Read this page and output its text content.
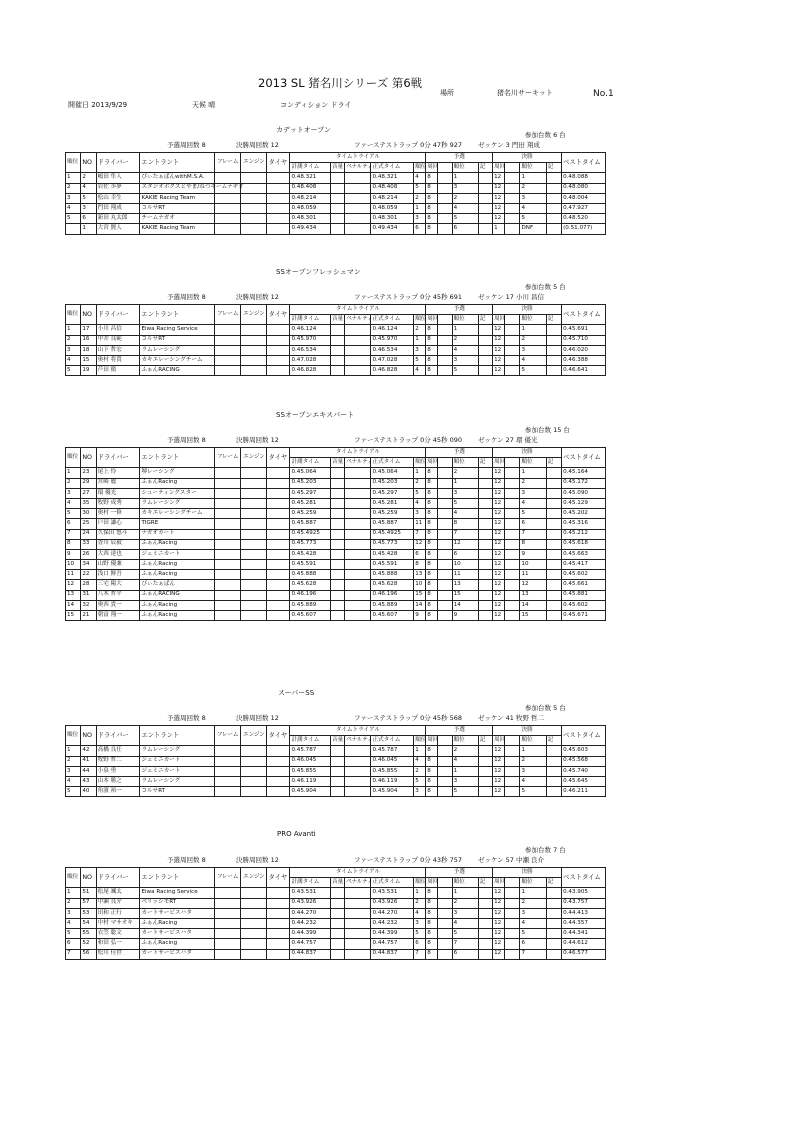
2013 SL 猪名川シリーズ 第6戦
場所	猪名川サーキット	No.1
開催日 2013/9/29	天候 晴	コンディション ドライ
カデットオープン
参加台数 6 台
予選周回数 8	決勝周回数 12	ファーステストラップ 0分 47秒 927 ゼッケン 3 門田 翔成
順位	NO	ドライバー	エントラント	フレーム	エンジン	タイヤ	タイムトライアル					予選				決勝				ベストタイム
							計測タイム	音量	ペナルティ	正式タイム	順位	周回		順位	記	周回		順位	記	
1	2	嶋田 隼人	ぴぃたぁぱんwithM.S.A.				0.48.321			0.48.321	4	8		1		12		1		0.48.088
2	4	岩佐 歩夢	スタジオボクスとやま/ねつキームナギオ				0.48.408			0.48.408	5	8		3		12		2		0.48.080
3	5	松山 幸生	KAKIE Racing Team				0.48.214			0.48.214	2	8		2		12		3		0.48.004
4	3	門田 翔成	コルサRT				0.48.059			0.48.059	1	8		4		12		4		0.47.927
5	6	新田 丸太郎	チームナガオ				0.48.301			0.48.301	3	8		5		12		5		0.48.520
	1	大宮 賢人	KAKIE Racing Team				0.49.434			0.49.434	6	8		6		1		DNF		(0.51.077)
SSオープンフレッシュマン
参加台数 5 台
予選周回数 8	決勝周回数 12	ファーステストラップ 0分 45秒 691 ゼッケン 17 小川 昌信
順位	NO	ドライバー	エントラント	フレーム	エンジン	タイヤ	タイムトライアル					予選				決勝				ベストタイム
							計測タイム	音量	ペナルティ	正式タイム	順位	周回		順位	記	周回		順位	記	
1	17	小川 昌信	Eiwa Racing Service				0.46.124			0.46.124	2	8		1		12		1		0.45.691
2	16	中井 良範	コルサRT				0.45.970			0.45.970	1	8		2		12		2		0.45.710
3	18	山下 哲宏	ラムレーシング				0.46.534			0.46.534	3	8		4		12		3		0.46.020
4	15	奥村 将貴	カキエレーシングチーム				0.47.028			0.47.028	5	8		3		12		4		0.46.388
5	19	芦田 衛	ふぁんRACING				0.46.828			0.46.828	4	8		5		12		5		0.46.641
SSオープンエキスパート
参加台数 15 台
予選周回数 8	決勝周回数 12	ファーステストラップ 0分 45秒 090 ゼッケン 27 環 優光
順位	NO	ドライバー	エントラント	フレーム	エンジン	タイヤ	タイムトライアル					予選				決勝				ベストタイム
							計測タイム	音量	ペナルティ	正式タイム	順位	周回		順位	記	周回		順位	記	
1	23	尾上 怜	堺レーシング				0.45.064			0.45.064	1	8		2		12		1		0.45.164
2	29	宮崎 麗	ふぁんRacing				0.45.203			0.45.203	2	8		1		12		2		0.45.172
3	27	環 優光	シューティングスター				0.45.297			0.45.297	5	8		3		12		3		0.45.090
4	35	牧野 成秀	ラムレーシング				0.45.281			0.45.281	4	8		5		12		4		0.45.129
5	30	奥村 一修	カキエレーシングチーム				0.45.259			0.45.259	3	8		4		12		5		0.45.202
6	25	戸田 謙心	TIGRE				0.45.887			0.45.887	11	8		8		12		6		0.45.316
7	24	久保田 悠斗	ナガオカート				0.45.4925			0.45.4925	7	8		7		12		7		0.45.212
8	33	香川 辰毅	ふぁんRacing				0.45.773			0.45.773	12	8		12		12		8		0.45.618
9	26	大西 達也	ジェミニカート				0.45.428			0.45.428	6	8		6		12		9		0.45.663
10	34	山野 優兼	ふぁんRacing				0.45.591			0.45.591	8	8		10		12		10		0.45.417
11	22	浅口 鮮吾	ふぁんRacing				0.45.888			0.45.888	13	8		11		12		11		0.45.602
12	28	三宅 陽大	ぴぃたぁぱん				0.45.628			0.45.628	10	8		13		12		12		0.45.661
13	31	八木 哲平	ふぁんRACING				0.46.196			0.46.196	15	8		15		12		13		0.45.881
14	32	奥西 貴一	ふぁんRacing				0.45.889			0.45.889	14	8		14		12		14		0.45.602
15	21	朝富 翔一	ふぁんRacing				0.45.607			0.45.607	9	8		9		12		15		0.45.671
スーパーSS
参加台数 5 台
予選周回数 8	決勝周回数 12	ファーステストラップ 0分 45秒 568 ゼッケン 41 牧野 哲二
順位	NO	ドライバー	エントラント	フレーム	エンジン	タイヤ	タイムトライアル					予選				決勝				ベストタイム
							計測タイム	音量	ペナルティ	正式タイム	順位	周回		順位	記	周回		順位	記	
1	42	高橋 良任	ラムレーシング				0.45.787			0.45.787	1	8		2		12		1		0.45.603
2	41	牧野 哲二	ジェミニカート				0.46.045			0.46.045	4	8		4		12		2		0.45.568
3	44	小泉 勇	ジェミニカート				0.45.855			0.45.855	2	8		1		12		3		0.45.740
4	43	山本 勝之	ラムレーシング				0.46.119			0.46.119	5	8		3		12		4		0.45.645
5	40	角濱 裕一	コルサRT				0.45.904			0.45.904	3	8		5		12		5		0.46.211
PRO Avanti
参加台数 7 台
予選周回数 8	決勝周回数 12	ファーステストラップ 0分 43秒 757 ゼッケン 57 中瀬 良介
順位	NO	ドライバー	エントラント	フレーム	エンジン	タイヤ	タイムトライアル					予選				決勝				ベストタイム
							計測タイム	音量	ペナルティ	正式タイム	順位	周回		順位	記	周回		順位	記	
1	51	松尾 颯太	Eiwa Racing Service				0.43.531			0.43.531	1	8		1		12		1		0.43.905
2	57	中瀬 良介	ペリッシモRT				0.43.926			0.43.926	2	8		2		12		2		0.43.757
3	53	田和 正行	カートサービスハタ				0.44.270			0.44.270	4	8		3		12		3		0.44.413
4	54	中村 マサオキ	ふぁんRacing				0.44.232			0.44.232	3	8		4		12		4		0.44.357
5	55	衣笠 聡文	カートサービスハタ				0.44.399			0.44.399	5	8		5		12		5		0.44.341
6	52	和田 弘一	ふぁんRacing				0.44.757			0.44.757	6	8		7		12		6		0.44.612
7	56	松川 佳世	カートサービスハタ				0.44.837			0.44.837	7	8		6		12		7		0.46.577
